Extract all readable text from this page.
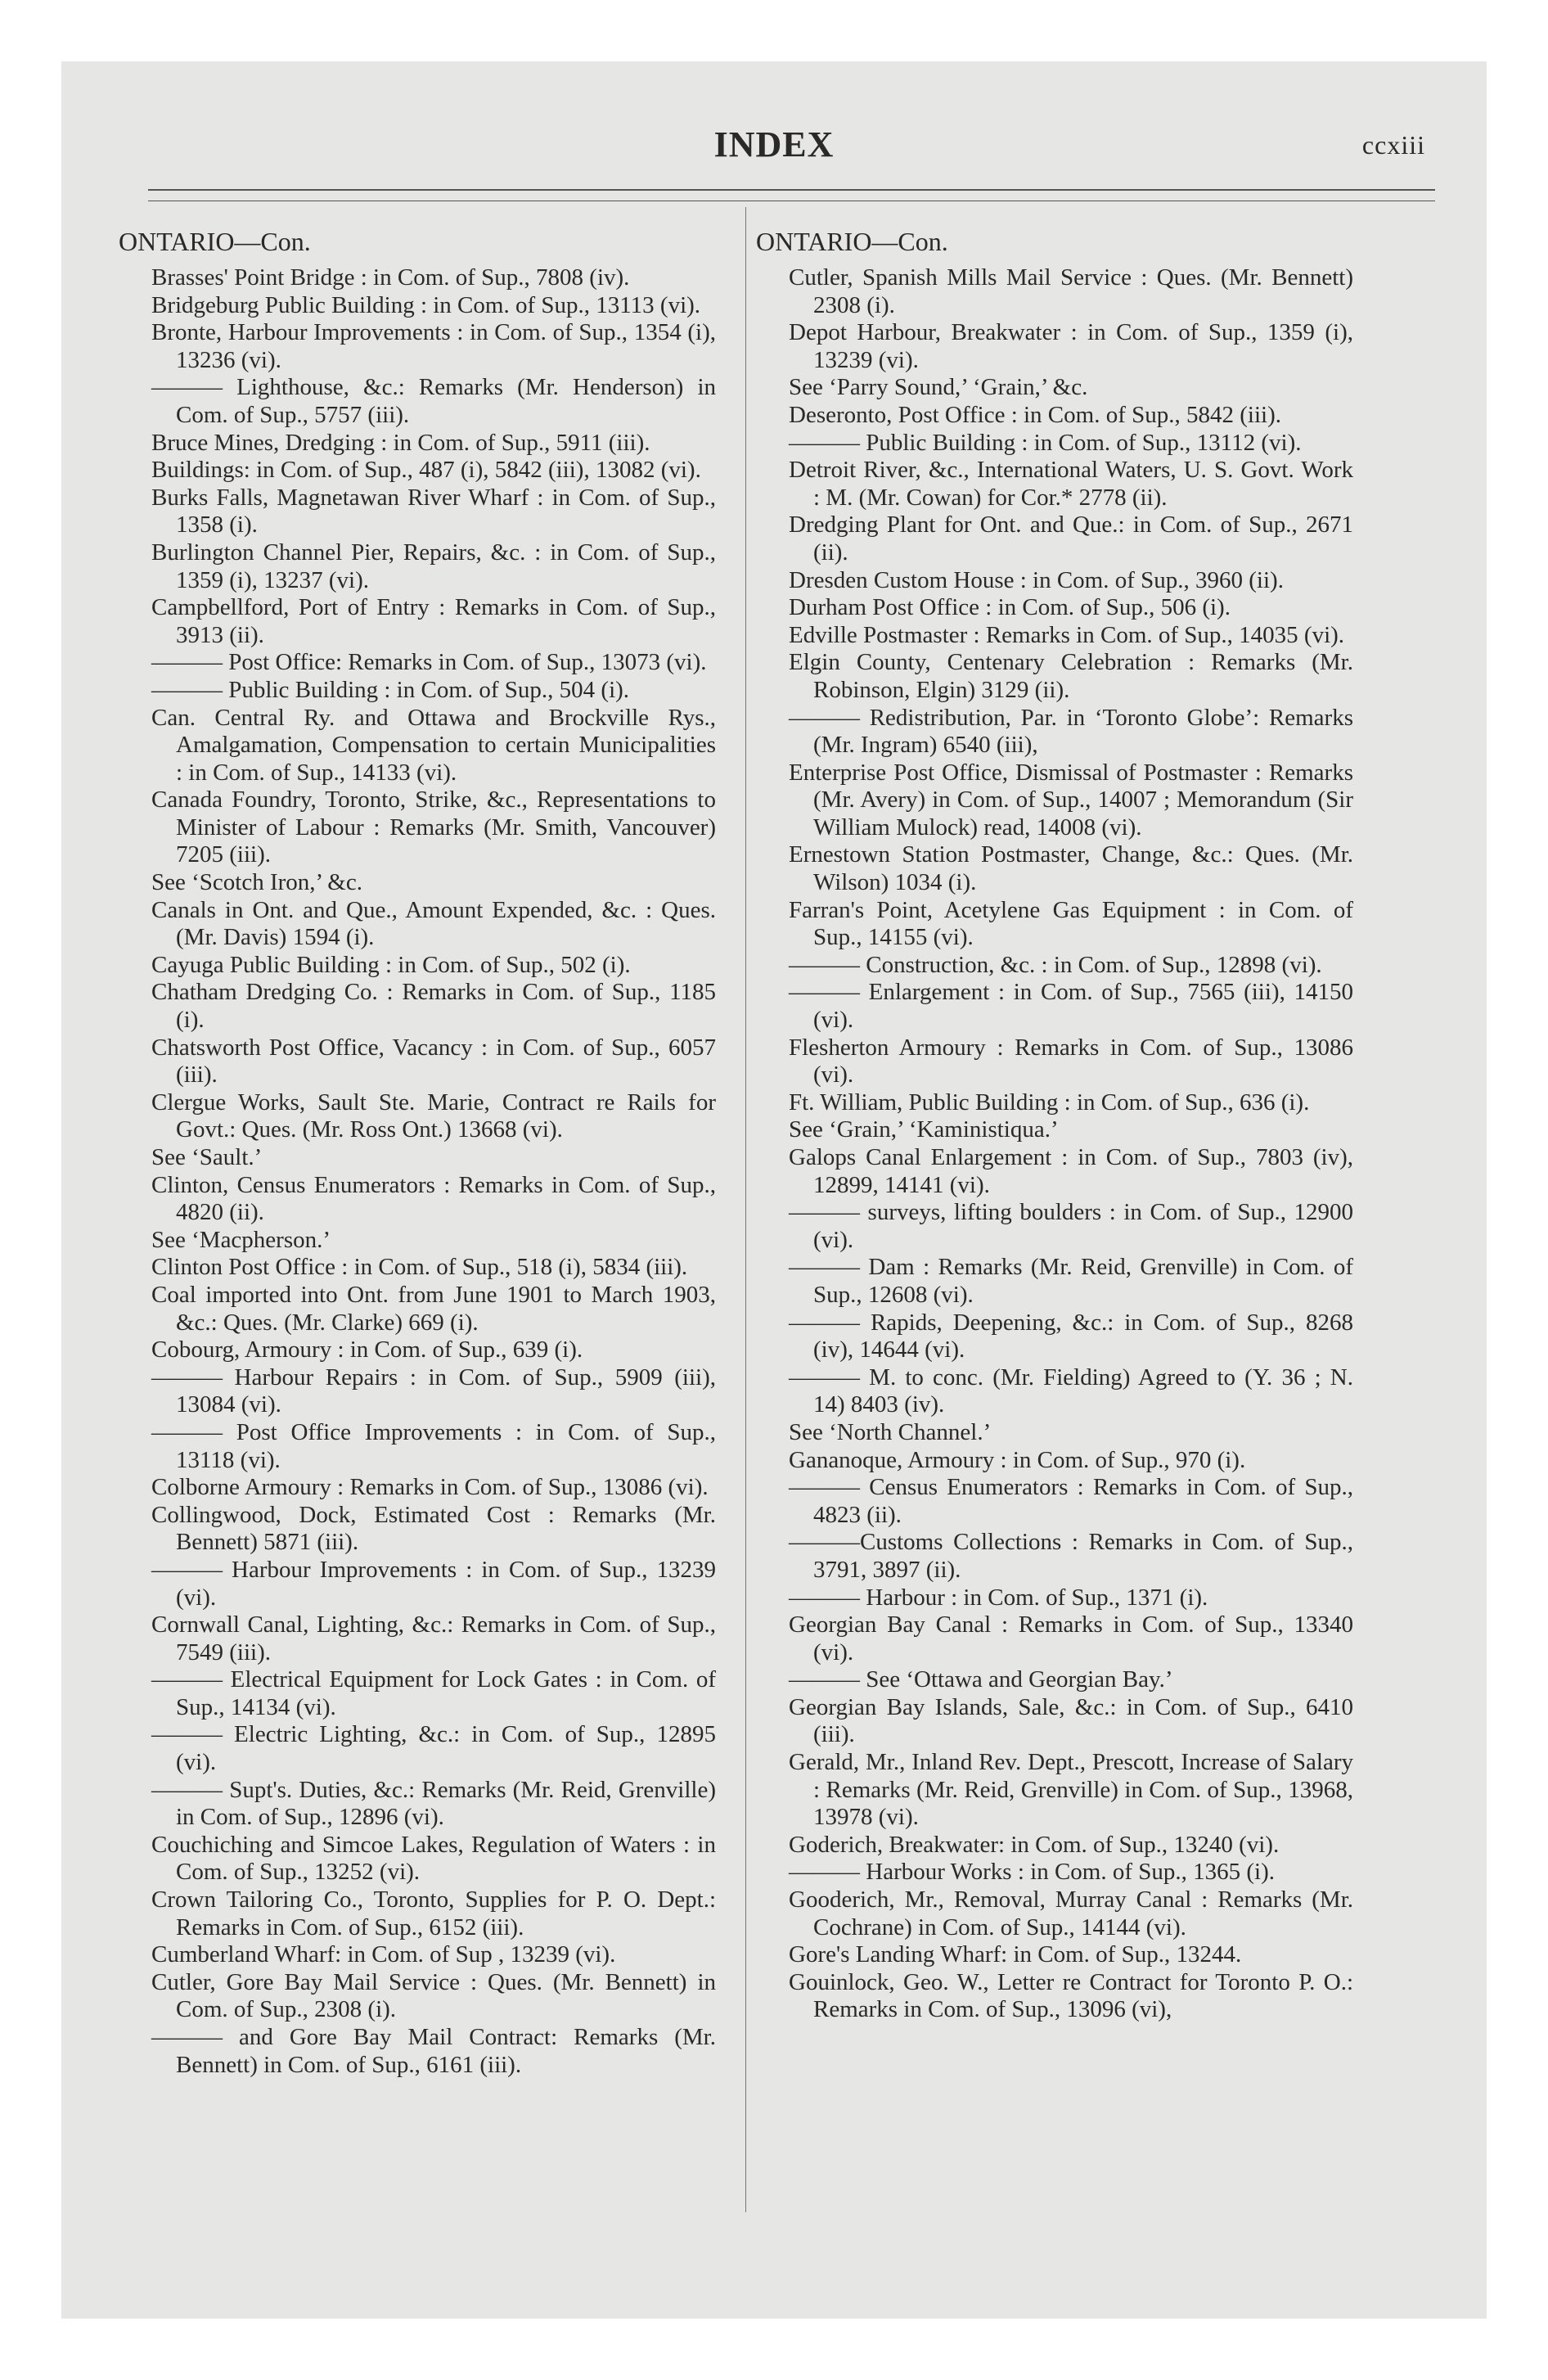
INDEX	ccxiii
ONTARIO—Con.
Brasses' Point Bridge : in Com. of Sup., 7808 (iv).
Bridgeburg Public Building : in Com. of Sup., 13113 (vi).
Bronte, Harbour Improvements : in Com. of Sup., 1354 (i), 13236 (vi).
——— Lighthouse, &c.: Remarks (Mr. Henderson) in Com. of Sup., 5757 (iii).
Bruce Mines, Dredging : in Com. of Sup., 5911 (iii).
Buildings: in Com. of Sup., 487 (i), 5842 (iii), 13082 (vi).
Burks Falls, Magnetawan River Wharf : in Com. of Sup., 1358 (i).
Burlington Channel Pier, Repairs, &c. : in Com. of Sup., 1359 (i), 13237 (vi).
Campbellford, Port of Entry : Remarks in Com. of Sup., 3913 (ii).
——— Post Office: Remarks in Com. of Sup., 13073 (vi).
——— Public Building : in Com. of Sup., 504 (i).
Can. Central Ry. and Ottawa and Brockville Rys., Amalgamation, Compensation to certain Municipalities : in Com. of Sup., 14133 (vi).
Canada Foundry, Toronto, Strike, &c., Representations to Minister of Labour : Remarks (Mr. Smith, Vancouver) 7205 (iii).
See ‘Scotch Iron,’ &c.
Canals in Ont. and Que., Amount Expended, &c. : Ques. (Mr. Davis) 1594 (i).
Cayuga Public Building : in Com. of Sup., 502 (i).
Chatham Dredging Co. : Remarks in Com. of Sup., 1185 (i).
Chatsworth Post Office, Vacancy : in Com. of Sup., 6057 (iii).
Clergue Works, Sault Ste. Marie, Contract re Rails for Govt.: Ques. (Mr. Ross Ont.) 13668 (vi).
See ‘Sault.’
Clinton, Census Enumerators : Remarks in Com. of Sup., 4820 (ii).
See ‘Macpherson.’
Clinton Post Office : in Com. of Sup., 518 (i), 5834 (iii).
Coal imported into Ont. from June 1901 to March 1903, &c.: Ques. (Mr. Clarke) 669 (i).
Cobourg, Armoury : in Com. of Sup., 639 (i).
——— Harbour Repairs : in Com. of Sup., 5909 (iii), 13084 (vi).
——— Post Office Improvements : in Com. of Sup., 13118 (vi).
Colborne Armoury : Remarks in Com. of Sup., 13086 (vi).
Collingwood, Dock, Estimated Cost : Remarks (Mr. Bennett) 5871 (iii).
——— Harbour Improvements : in Com. of Sup., 13239 (vi).
Cornwall Canal, Lighting, &c.: Remarks in Com. of Sup., 7549 (iii).
——— Electrical Equipment for Lock Gates : in Com. of Sup., 14134 (vi).
——— Electric Lighting, &c.: in Com. of Sup., 12895 (vi).
——— Supt's. Duties, &c.: Remarks (Mr. Reid, Grenville) in Com. of Sup., 12896 (vi).
Couchiching and Simcoe Lakes, Regulation of Waters : in Com. of Sup., 13252 (vi).
Crown Tailoring Co., Toronto, Supplies for P. O. Dept.: Remarks in Com. of Sup., 6152 (iii).
Cumberland Wharf: in Com. of Sup , 13239 (vi).
Cutler, Gore Bay Mail Service : Ques. (Mr. Bennett) in Com. of Sup., 2308 (i).
——— and Gore Bay Mail Contract: Remarks (Mr. Bennett) in Com. of Sup., 6161 (iii).
ONTARIO—Con.
Cutler, Spanish Mills Mail Service : Ques. (Mr. Bennett) 2308 (i).
Depot Harbour, Breakwater : in Com. of Sup., 1359 (i), 13239 (vi).
See ‘Parry Sound,’ ‘Grain,’ &c.
Deseronto, Post Office : in Com. of Sup., 5842 (iii).
——— Public Building : in Com. of Sup., 13112 (vi).
Detroit River, &c., International Waters, U. S. Govt. Work : M. (Mr. Cowan) for Cor.* 2778 (ii).
Dredging Plant for Ont. and Que.: in Com. of Sup., 2671 (ii).
Dresden Custom House : in Com. of Sup., 3960 (ii).
Durham Post Office : in Com. of Sup., 506 (i).
Edville Postmaster : Remarks in Com. of Sup., 14035 (vi).
Elgin County, Centenary Celebration : Remarks (Mr. Robinson, Elgin) 3129 (ii).
——— Redistribution, Par. in ‘Toronto Globe’: Remarks (Mr. Ingram) 6540 (iii),
Enterprise Post Office, Dismissal of Postmaster : Remarks (Mr. Avery) in Com. of Sup., 14007 ; Memorandum (Sir William Mulock) read, 14008 (vi).
Ernestown Station Postmaster, Change, &c.: Ques. (Mr. Wilson) 1034 (i).
Farran's Point, Acetylene Gas Equipment : in Com. of Sup., 14155 (vi).
——— Construction, &c. : in Com. of Sup., 12898 (vi).
——— Enlargement : in Com. of Sup., 7565 (iii), 14150 (vi).
Flesherton Armoury : Remarks in Com. of Sup., 13086 (vi).
Ft. William, Public Building : in Com. of Sup., 636 (i).
See ‘Grain,’ ‘Kaministiqua.’
Galops Canal Enlargement : in Com. of Sup., 7803 (iv), 12899, 14141 (vi).
——— surveys, lifting boulders : in Com. of Sup., 12900 (vi).
——— Dam : Remarks (Mr. Reid, Grenville) in Com. of Sup., 12608 (vi).
——— Rapids, Deepening, &c.: in Com. of Sup., 8268 (iv), 14644 (vi).
——— M. to conc. (Mr. Fielding) Agreed to (Y. 36 ; N. 14) 8403 (iv).
See ‘North Channel.’
Gananoque, Armoury : in Com. of Sup., 970 (i).
——— Census Enumerators : Remarks in Com. of Sup., 4823 (ii).
———Customs Collections : Remarks in Com. of Sup., 3791, 3897 (ii).
——— Harbour : in Com. of Sup., 1371 (i).
Georgian Bay Canal : Remarks in Com. of Sup., 13340 (vi).
——— See ‘Ottawa and Georgian Bay.’
Georgian Bay Islands, Sale, &c.: in Com. of Sup., 6410 (iii).
Gerald, Mr., Inland Rev. Dept., Prescott, Increase of Salary : Remarks (Mr. Reid, Grenville) in Com. of Sup., 13968, 13978 (vi).
Goderich, Breakwater: in Com. of Sup., 13240 (vi).
——— Harbour Works : in Com. of Sup., 1365 (i).
Gooderich, Mr., Removal, Murray Canal : Remarks (Mr. Cochrane) in Com. of Sup., 14144 (vi).
Gore's Landing Wharf: in Com. of Sup., 13244.
Gouinlock, Geo. W., Letter re Contract for Toronto P. O.: Remarks in Com. of Sup., 13096 (vi),
